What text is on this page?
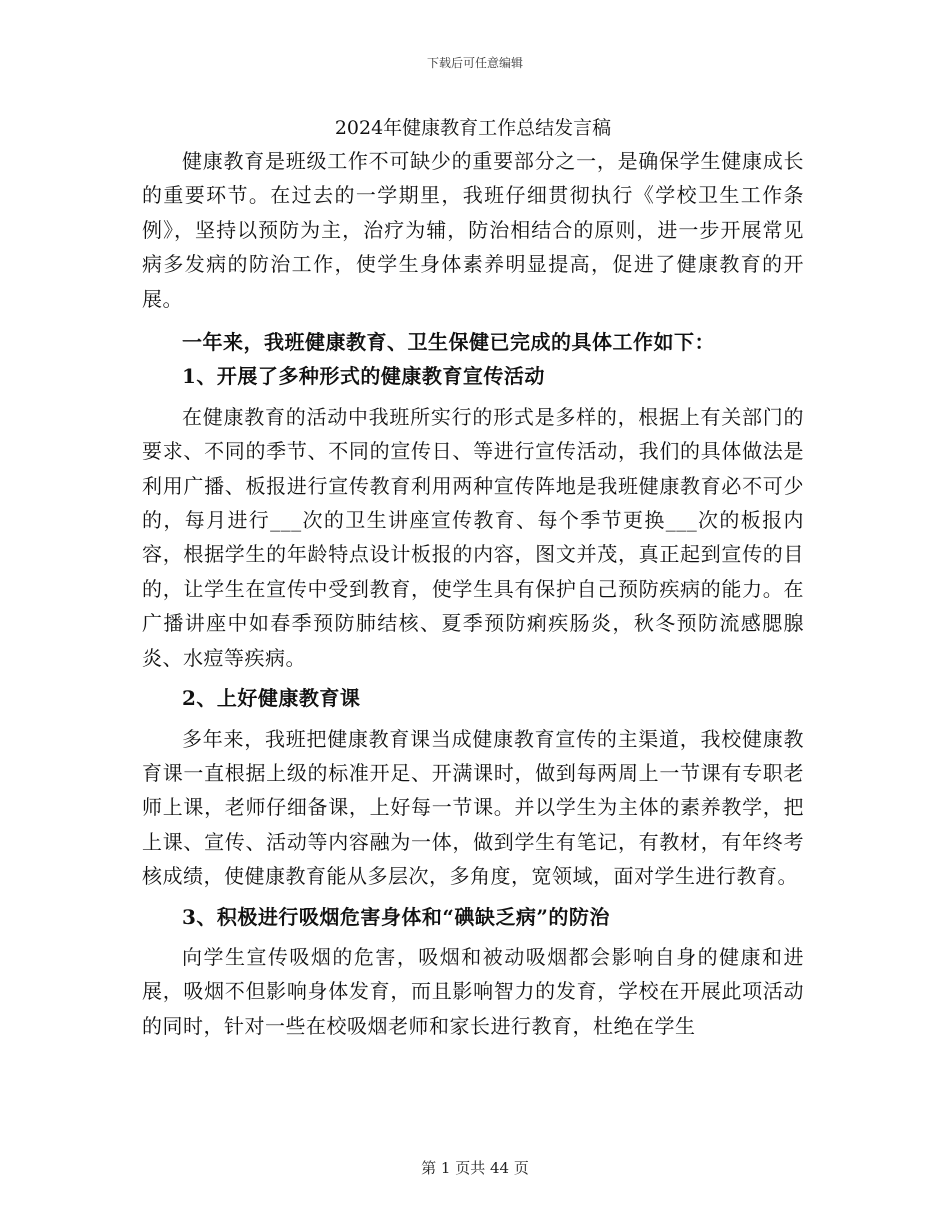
下载后可任意编辑
2024年健康教育工作总结发言稿

健康教育是班级工作不可缺少的重要部分之一，是确保学生健康成长的重要环节。在过去的一学期里，我班仔细贯彻执行《学校卫生工作条例》，坚持以预防为主，治疗为辅，防治相结合的原则，进一步开展常见病多发病的防治工作，使学生身体素养明显提高，促进了健康教育的开展。

一年来，我班健康教育、卫生保健已完成的具体工作如下：

1、开展了多种形式的健康教育宣传活动

在健康教育的活动中我班所实行的形式是多样的，根据上有关部门的要求、不同的季节、不同的宣传日、等进行宣传活动，我们的具体做法是利用广播、板报进行宣传教育利用两种宣传阵地是我班健康教育必不可少的，每月进行___次的卫生讲座宣传教育、每个季节更换___次的板报内容，根据学生的年龄特点设计板报的内容，图文并茂，真正起到宣传的目的，让学生在宣传中受到教育，使学生具有保护自己预防疾病的能力。在广播讲座中如春季预防肺结核、夏季预防痢疾肠炎，秋冬预防流感腮腺炎、水痘等疾病。

2、上好健康教育课

多年来，我班把健康教育课当成健康教育宣传的主渠道，我校健康教育课一直根据上级的标准开足、开满课时，做到每两周上一节课有专职老师上课，老师仔细备课，上好每一节课。并以学生为主体的素养教学，把上课、宣传、活动等内容融为一体，做到学生有笔记，有教材，有年终考核成绩，使健康教育能从多层次，多角度，宽领域，面对学生进行教育。

3、积极进行吸烟危害身体和“碘缺乏病”的防治

向学生宣传吸烟的危害，吸烟和被动吸烟都会影响自身的健康和进展，吸烟不但影响身体发育，而且影响智力的发育，学校在开展此项活动的同时，针对一些在校吸烟老师和家长进行教育，杜绝在学生

第 1 页共 44 页
